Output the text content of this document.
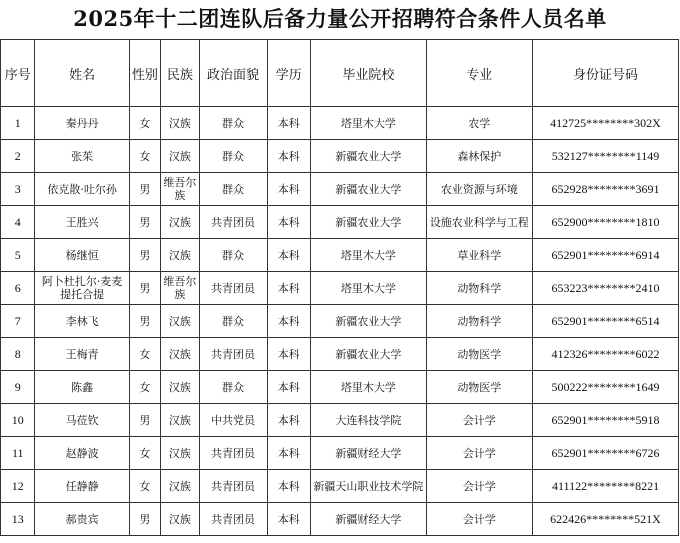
2025年十二团连队后备力量公开招聘符合条件人员名单
序号	姓名	性别	民族	政治面貌	学历	毕业院校	专业	身份证号码
1	秦丹丹	女	汉族	群众	本科	塔里木大学	农学	412725********302X
2	张茱	女	汉族	群众	本科	新疆农业大学	森林保护	532127********1149
3	依克散·吐尔孙	男	维吾尔族	群众	本科	新疆农业大学	农业资源与环境	652928********3691
4	王胜兴	男	汉族	共青团员	本科	新疆农业大学	设施农业科学与工程	652900********1810
5	杨继恒	男	汉族	群众	本科	塔里木大学	草业科学	652901********6914
6	阿卜杜扎尔·麦麦提托合提	男	维吾尔族	共青团员	本科	塔里木大学	动物科学	653223********2410
7	李林飞	男	汉族	群众	本科	新疆农业大学	动物科学	652901********6514
8	王梅青	女	汉族	共青团员	本科	新疆农业大学	动物医学	412326********6022
9	陈鑫	女	汉族	群众	本科	塔里木大学	动物医学	500222********1649
10	马莅钦	男	汉族	中共党员	本科	大连科技学院	会计学	652901********5918
11	赵静波	女	汉族	共青团员	本科	新疆财经大学	会计学	652901********6726
12	任静静	女	汉族	共青团员	本科	新疆天山职业技术学院	会计学	411122********8221
13	郝贵宾	男	汉族	共青团员	本科	新疆财经大学	会计学	622426********521X
